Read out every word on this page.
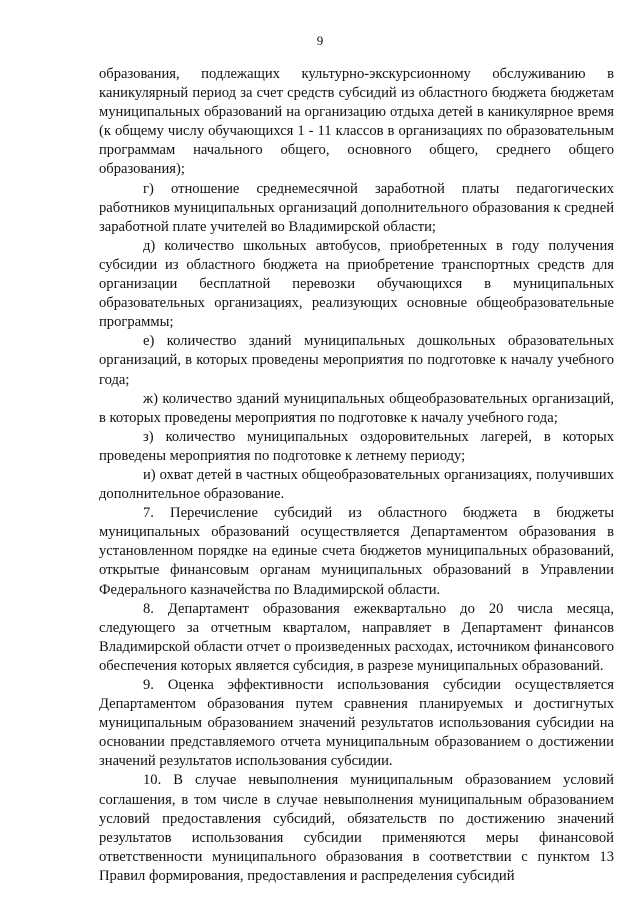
9

образования, подлежащих культурно-экскурсионному обслуживанию в каникулярный период за счет средств субсидий из областного бюджета бюджетам муниципальных образований на организацию отдыха детей в каникулярное время (к общему числу обучающихся 1 - 11 классов в организациях по образовательным программам начального общего, основного общего, среднего общего образования);

г) отношение среднемесячной заработной платы педагогических работников муниципальных организаций дополнительного образования к средней заработной плате учителей во Владимирской области;

д) количество школьных автобусов, приобретенных в году получения субсидии из областного бюджета на приобретение транспортных средств для организации бесплатной перевозки обучающихся в муниципальных образовательных организациях, реализующих основные общеобразовательные программы;

е) количество зданий муниципальных дошкольных образовательных организаций, в которых проведены мероприятия по подготовке к началу учебного года;

ж) количество зданий муниципальных общеобразовательных организаций, в которых проведены мероприятия по подготовке к началу учебного года;

з) количество муниципальных оздоровительных лагерей, в которых проведены мероприятия по подготовке к летнему периоду;

и) охват детей в частных общеобразовательных организациях, получивших дополнительное образование.

7. Перечисление субсидий из областного бюджета в бюджеты муниципальных образований осуществляется Департаментом образования в установленном порядке на единые счета бюджетов муниципальных образований, открытые финансовым органам муниципальных образований в Управлении Федерального казначейства по Владимирской области.

8. Департамент образования ежеквартально до 20 числа месяца, следующего за отчетным кварталом, направляет в Департамент финансов Владимирской области отчет о произведенных расходах, источником финансового обеспечения которых является субсидия, в разрезе муниципальных образований.

9. Оценка эффективности использования субсидии осуществляется Департаментом образования путем сравнения планируемых и достигнутых муниципальным образованием значений результатов использования субсидии на основании представляемого отчета муниципальным образованием о достижении значений результатов использования субсидии.

10. В случае невыполнения муниципальным образованием условий соглашения, в том числе в случае невыполнения муниципальным образованием условий предоставления субсидий, обязательств по достижению значений результатов использования субсидии применяются меры финансовой ответственности муниципального образования в соответствии с пунктом 13 Правил формирования, предоставления и распределения субсидий
